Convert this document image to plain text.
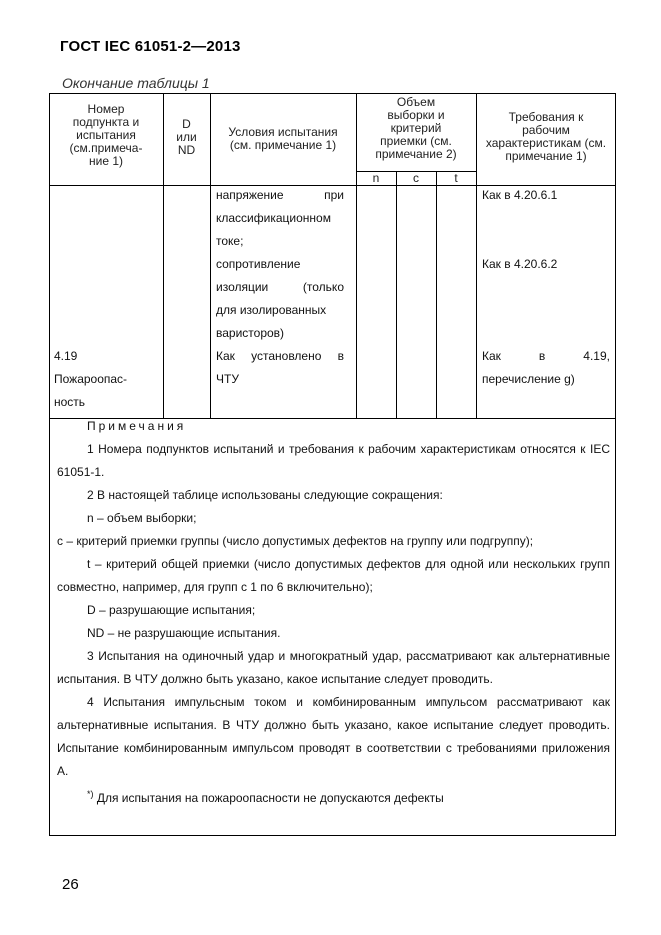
ГОСТ IEC 61051-2—2013
Окончание таблицы 1
Номер
подпункта и
испытания
(см.примеча-
ние 1)
D
или
ND
Условия испытания
(см. примечание 1)
Объем
выборки и
критерий
приемки (см.
примечание 2)
n	c	t
Требования к
рабочим
характеристикам (см.
примечание 1)
напряжение при
классификационном
токе;
сопротивление
изоляции (только
для изолированных
варисторов)
Как установлено в
ЧТУ
4.19
Пожароопас-
ность
Как в 4.20.6.1
Как в 4.20.6.2
Как в 4.19,
перечисление g)

Примечания

1 Номера подпунктов испытаний и требования к рабочим характеристикам относятся к IEC 61051-1.

2 В настоящей таблице использованы следующие сокращения:

n – объем выборки;

с – критерий приемки группы (число допустимых дефектов на группу или подгруппу);

t – критерий общей приемки (число допустимых дефектов для одной или нескольких групп совместно, например, для групп с 1 по 6 включительно);

D – разрушающие испытания;

ND – не разрушающие испытания.

3 Испытания на одиночный удар и многократный удар, рассматривают как альтернативные испытания. В ЧТУ должно быть указано, какое испытание следует проводить.

4 Испытания импульсным током и комбинированным импульсом рассматривают как альтернативные испытания. В ЧТУ должно быть указано, какое испытание следует проводить. Испытание комбинированным импульсом проводят в соответствии с требованиями приложения А.

*) Для испытания на пожароопасности не допускаются дефекты

26
